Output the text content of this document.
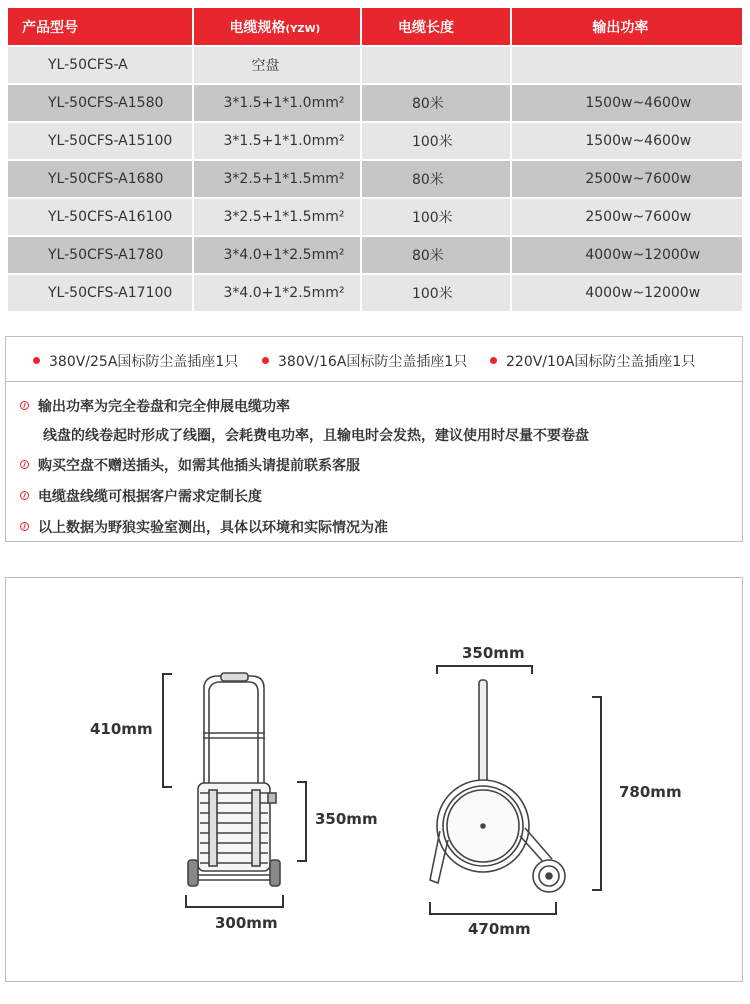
产品型号	电缆规格(YZW)	电缆长度	输出功率
YL-50CFS-A	空盘		
YL-50CFS-A1580	3*1.5+1*1.0mm²	80米	1500w~4600w
YL-50CFS-A15100	3*1.5+1*1.0mm²	100米	1500w~4600w
YL-50CFS-A1680	3*2.5+1*1.5mm²	80米	2500w~7600w
YL-50CFS-A16100	3*2.5+1*1.5mm²	100米	2500w~7600w
YL-50CFS-A1780	3*4.0+1*2.5mm²	80米	4000w~12000w
YL-50CFS-A17100	3*4.0+1*2.5mm²	100米	4000w~12000w
380V/25A国标防尘盖插座1只	380V/16A国标防尘盖插座1只	220V/10A国标防尘盖插座1只
输出功率为完全卷盘和完全伸展电缆功率
线盘的线卷起时形成了线圈，会耗费电功率，且输电时会发热，建议使用时尽量不要卷盘
购买空盘不赠送插头，如需其他插头请提前联系客服
电缆盘线缆可根据客户需求定制长度
以上数据为野狼实验室测出，具体以环境和实际情况为准
410mm
350mm
300mm
350mm
780mm
470mm
